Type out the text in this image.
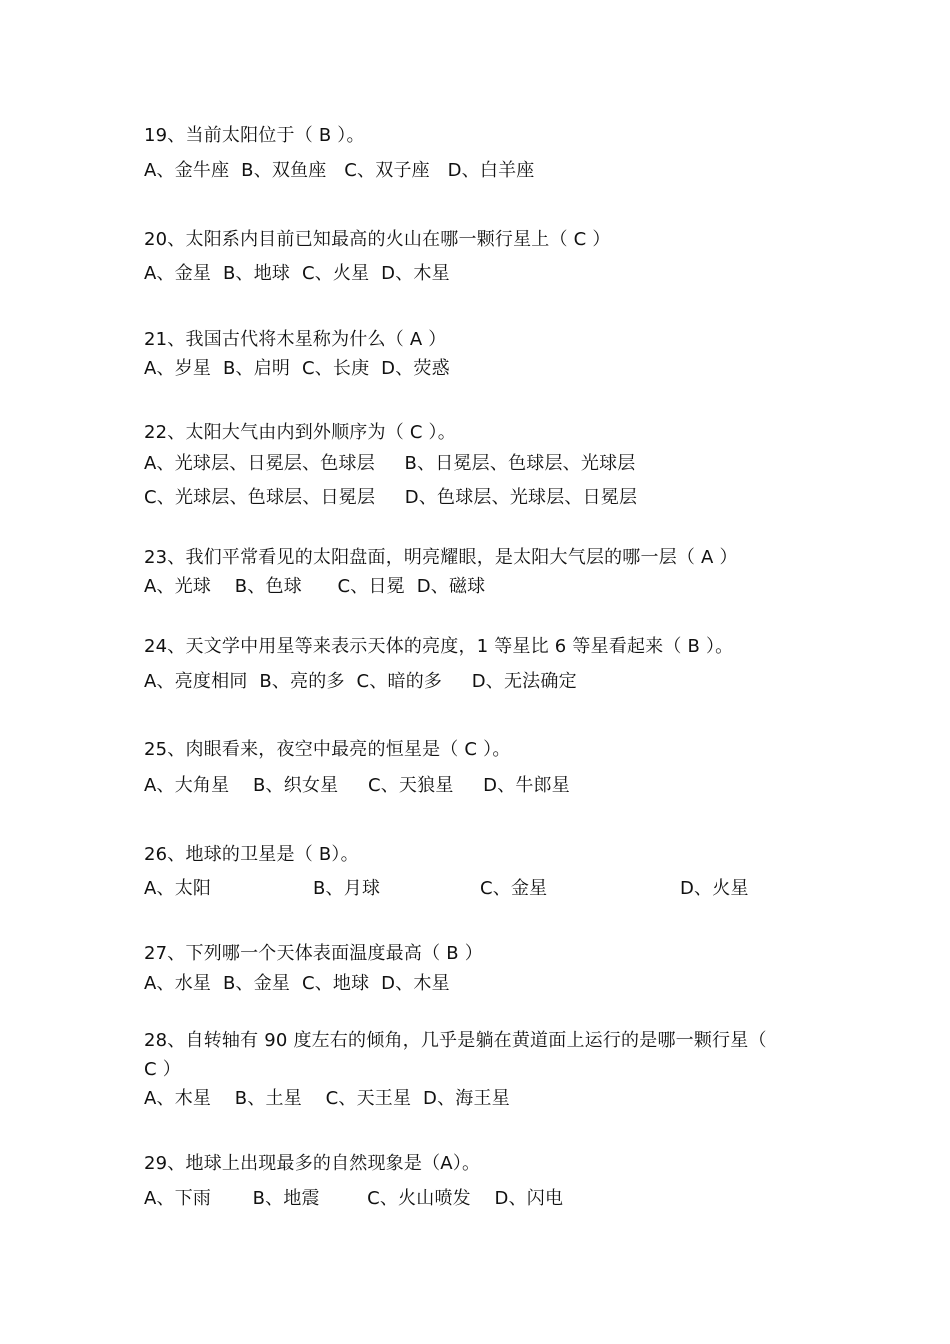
19、当前太阳位于（ B ）。
A、金牛座  B、双鱼座   C、双子座   D、白羊座
20、太阳系内目前已知最高的火山在哪一颗行星上（ C ）
A、金星  B、地球  C、火星  D、木星
21、我国古代将木星称为什么（ A ）
A、岁星  B、启明  C、长庚  D、荧惑
22、太阳大气由内到外顺序为（ C ）。
A、光球层、日冕层、色球层     B、日冕层、色球层、光球层
C、光球层、色球层、日冕层     D、色球层、光球层、日冕层
23、我们平常看见的太阳盘面，明亮耀眼，是太阳大气层的哪一层（ A ）
A、光球    B、色球      C、日冕  D、磁球
24、天文学中用星等来表示天体的亮度，1 等星比 6 等星看起来（ B ）。
A、亮度相同  B、亮的多  C、暗的多     D、无法确定
25、肉眼看来，夜空中最亮的恒星是（ C ）。
A、大角星    B、织女星     C、天狼星     D、牛郎星
26、地球的卫星是（ B）。
A、太阳	B、月球	C、金星	D、火星
27、下列哪一个天体表面温度最高（ B ）
A、水星  B、金星  C、地球  D、木星
28、自转轴有 90 度左右的倾角，几乎是躺在黄道面上运行的是哪一颗行星（
C ）
A、木星    B、土星    C、天王星  D、海王星
29、地球上出现最多的自然现象是（A）。
A、下雨       B、地震        C、火山喷发    D、闪电
